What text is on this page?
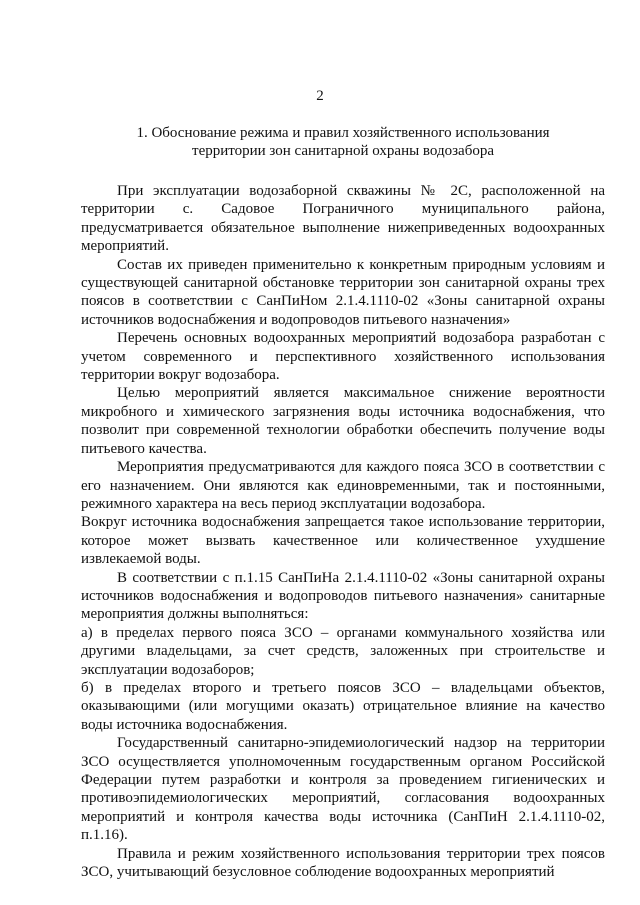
2
1. Обоснование режима и правил хозяйственного использования
территории зон санитарной охраны водозабора

При эксплуатации водозаборной скважины № 2С, расположенной на территории с. Садовое Пограничного муниципального района, предусматривается обязательное выполнение нижеприведенных водоохранных мероприятий.

Состав их приведен применительно к конкретным природным условиям и существующей санитарной обстановке территории зон санитарной охраны трех поясов в соответствии с СанПиНом 2.1.4.1110-02 «Зоны санитарной охраны источников водоснабжения и водопроводов питьевого назначения»

Перечень основных водоохранных мероприятий водозабора разработан с учетом современного и перспективного хозяйственного использования территории вокруг водозабора.

Целью мероприятий является максимальное снижение вероятности микробного и химического загрязнения воды источника водоснабжения, что позволит при современной технологии обработки обеспечить получение воды питьевого качества.

Мероприятия предусматриваются для каждого пояса ЗСО в соответствии с его назначением. Они являются как единовременными, так и постоянными, режимного характера на весь период эксплуатации водозабора.

Вокруг источника водоснабжения запрещается такое использование территории, которое может вызвать качественное или количественное ухудшение извлекаемой воды.

В соответствии с п.1.15 СанПиНа 2.1.4.1110-02 «Зоны санитарной охраны источников водоснабжения и водопроводов питьевого назначения» санитарные мероприятия должны выполняться:

а) в пределах первого пояса ЗСО – органами коммунального хозяйства или другими владельцами, за счет средств, заложенных при строительстве и эксплуатации водозаборов;

б) в пределах второго и третьего поясов ЗСО – владельцами объектов, оказывающими (или могущими оказать) отрицательное влияние на качество воды источника водоснабжения.

Государственный санитарно-эпидемиологический надзор на территории ЗСО осуществляется уполномоченным государственным органом Российской Федерации путем разработки и контроля за проведением гигиенических и противоэпидемиологических мероприятий, согласования водоохранных мероприятий и контроля качества воды источника (СанПиН 2.1.4.1110-02, п.1.16).

Правила и режим хозяйственного использования территории трех поясов ЗСО, учитывающий безусловное соблюдение водоохранных мероприятий
